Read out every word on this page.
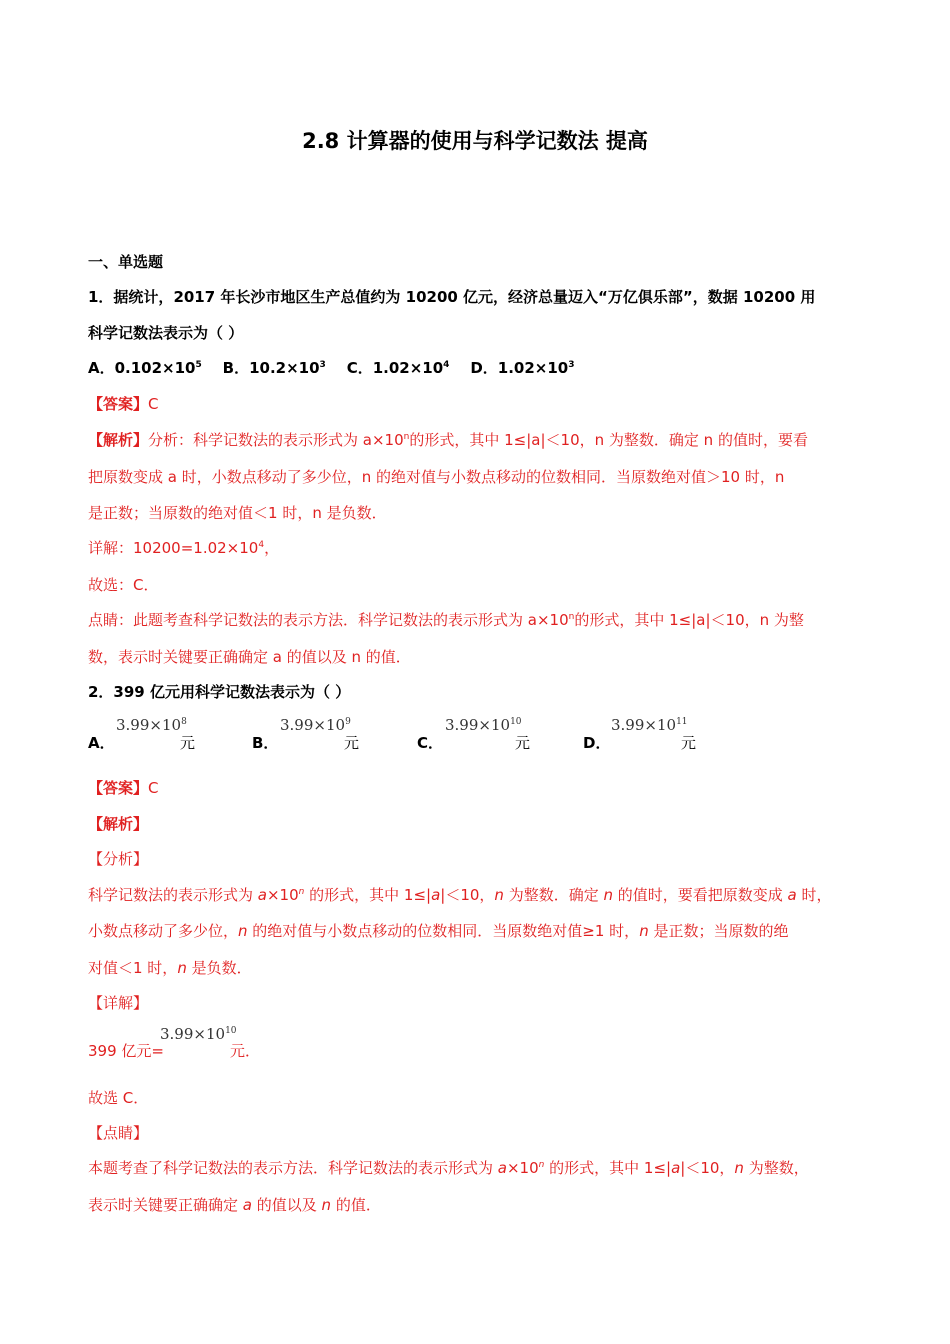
2.8 计算器的使用与科学记数法 提高
一、单选题
1．据统计，2017 年长沙市地区生产总值约为 10200 亿元，经济总量迈入“万亿俱乐部”，数据 10200 用
科学记数法表示为（ ）
A．$0.102\times 10^5$ B．$10.2\times 10^3$ C．$1.02\times 10^4$ D．$1.02\times 10^3$
【答案】C
【解析】分析：科学记数法的表示形式为 $a\times 10^n$的形式，其中 1≤|a|＜10，n 为整数．确定 n 的值时，要看
把原数变成 a 时，小数点移动了多少位，n 的绝对值与小数点移动的位数相同．当原数绝对值＞10 时，n
是正数；当原数的绝对值＜1 时，n 是负数．
详解：$10200=1.02\times 10^4$，
故选：C．
点睛：此题考查科学记数法的表示方法．科学记数法的表示形式为 $a\times 10^n$的形式，其中 1≤|a|＜10，n 为整
数，表示时关键要正确确定 a 的值以及 n 的值．
2．399 亿元用科学记数法表示为（ ）
A．
$3.99\times 10^8$
元	B．
$3.99\times 10^9$
元	C．
$3.99\times 10^{10}$
元	D．
$3.99\times 10^{11}$
元
【答案】C
【解析】
【分析】
科学记数法的表示形式为 $a\times 10^n$ 的形式，其中 1≤|a|＜10，n 为整数．确定 n 的值时，要看把原数变成 a 时，
小数点移动了多少位，n 的绝对值与小数点移动的位数相同．当原数绝对值≥1 时，n 是正数；当原数的绝
对值＜1 时，n 是负数．
【详解】
399 亿元=
$3.99\times 10^{10}$
元．
故选 C．
【点睛】
本题考查了科学记数法的表示方法．科学记数法的表示形式为 $a\times 10^n$ 的形式，其中 1≤|a|＜10，n 为整数，
表示时关键要正确确定 a 的值以及 n 的值．
